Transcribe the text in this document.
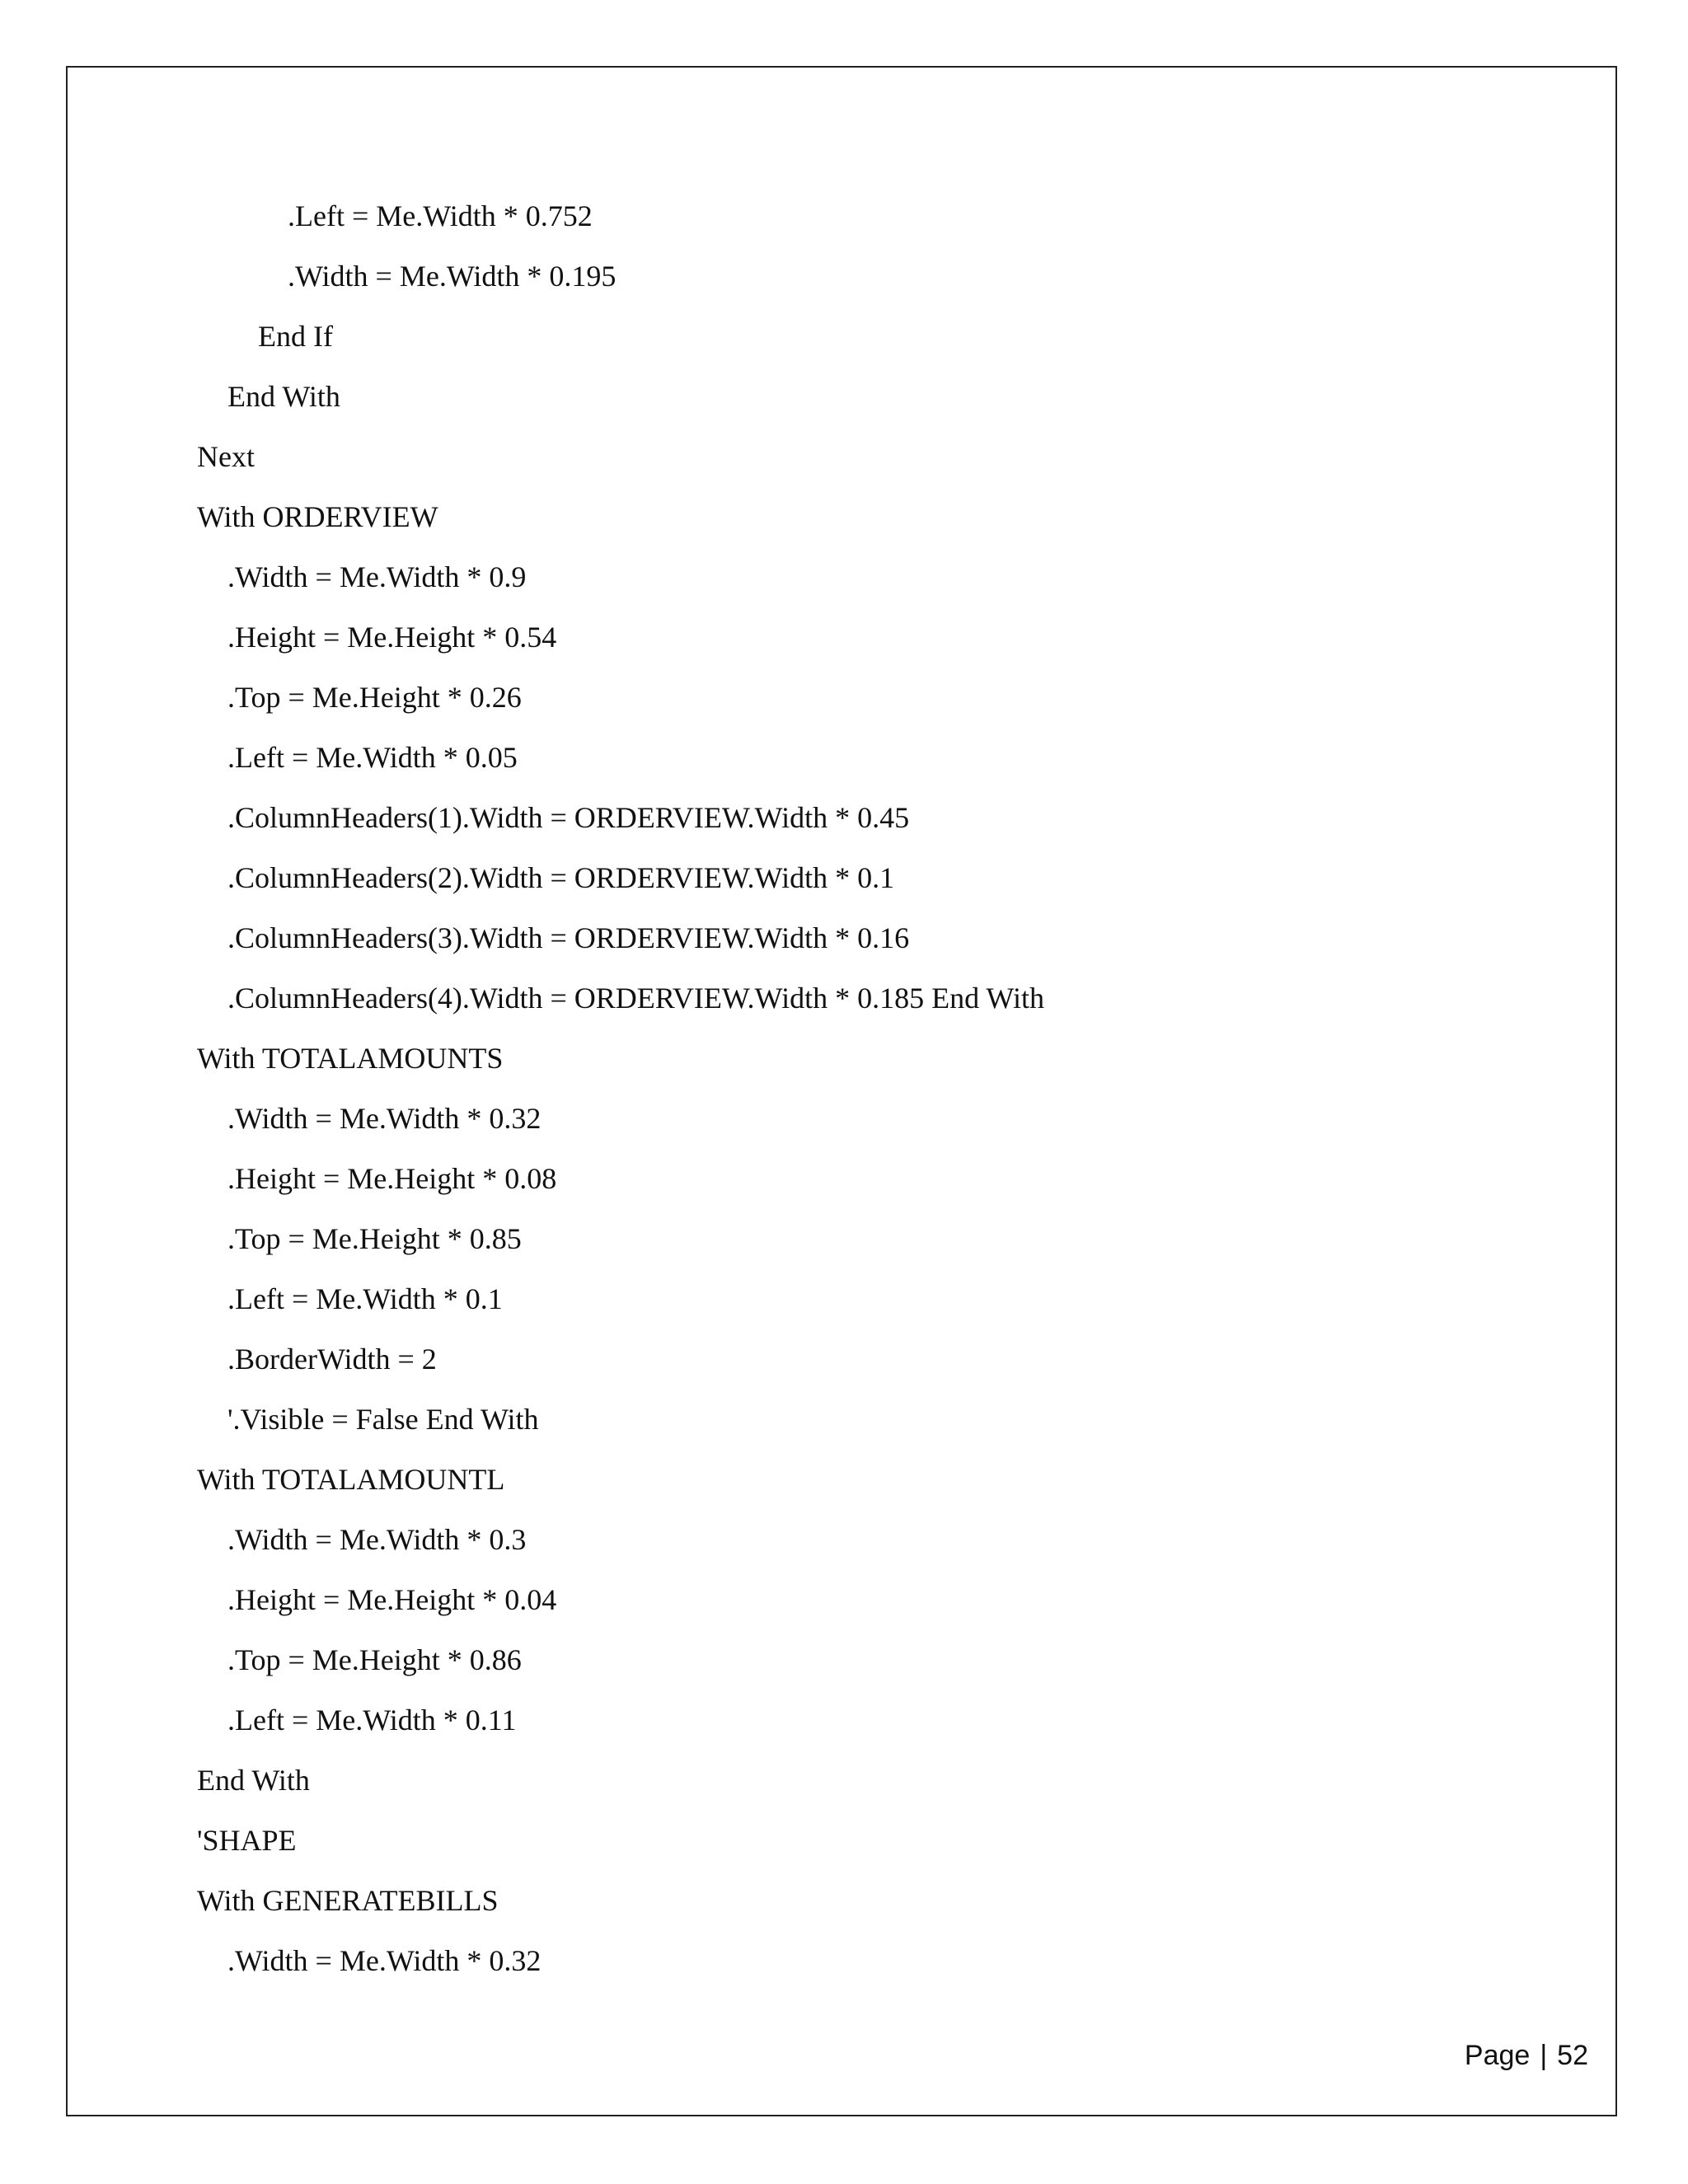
.Left = Me.Width * 0.752
.Width = Me.Width * 0.195
End If
End With
Next
With ORDERVIEW
.Width = Me.Width * 0.9
.Height = Me.Height * 0.54
.Top = Me.Height * 0.26
.Left = Me.Width * 0.05
.ColumnHeaders(1).Width = ORDERVIEW.Width * 0.45
.ColumnHeaders(2).Width = ORDERVIEW.Width * 0.1
.ColumnHeaders(3).Width = ORDERVIEW.Width * 0.16
.ColumnHeaders(4).Width = ORDERVIEW.Width * 0.185 End With
With TOTALAMOUNTS
.Width = Me.Width * 0.32
.Height = Me.Height * 0.08
.Top = Me.Height * 0.85
.Left = Me.Width * 0.1
.BorderWidth = 2
'.Visible = False End With
With TOTALAMOUNTL
.Width = Me.Width * 0.3
.Height = Me.Height * 0.04
.Top = Me.Height * 0.86
.Left = Me.Width * 0.11
End With
'SHAPE
With GENERATEBILLS
.Width = Me.Width * 0.32

Page | 52
